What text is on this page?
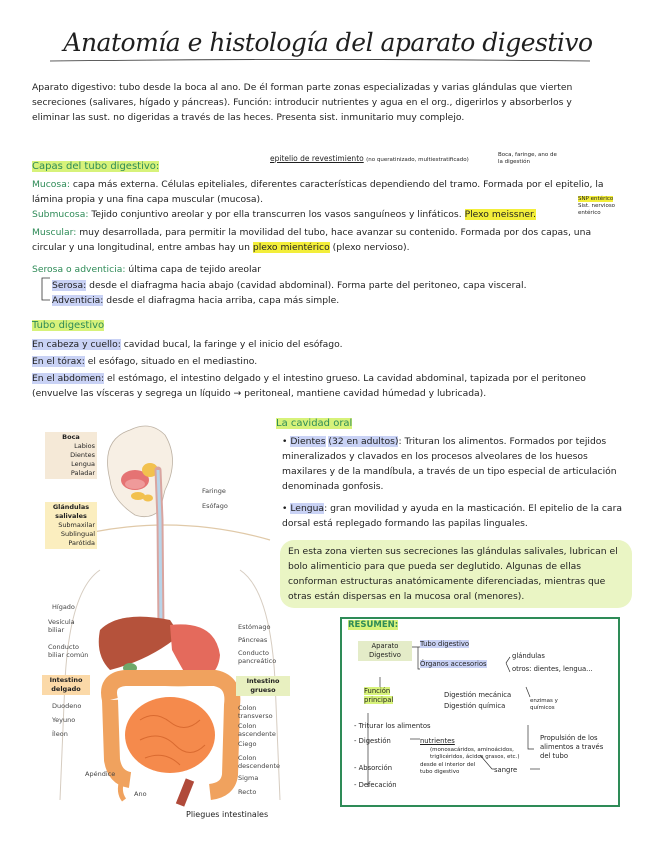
Anatomía e histología del aparato digestivo
Aparato digestivo: tubo desde la boca al ano. De él forman parte zonas especializadas y varias glándulas que vierten secreciones (salivares, hígado y páncreas). Función: introducir nutrientes y agua en el org., digerirlos y absorberlos y eliminar las sust. no digeridas a través de las heces. Presenta sist. inmunitario muy complejo.
Capas del tubo digestivo:
epitelio de revestimiento (no queratinizado, multiestratificado)
Boca, faringe, ano de la digestión
Mucosa: capa más externa. Células epiteliales, diferentes características dependiendo del tramo. Formada por el epitelio, la lámina propia y una fina capa muscular (mucosa).
Submucosa: Tejido conjuntivo areolar y por ella transcurren los vasos sanguíneos y linfáticos. Plexo meissner.
SNP entérico
Sist. nervioso entérico
Muscular: muy desarrollada, para permitir la movilidad del tubo, hace avanzar su contenido. Formada por dos capas, una circular y una longitudinal, entre ambas hay un plexo mientérico (plexo nervioso).
Serosa o adventicia: última capa de tejido areolar
Serosa: desde el diafragma hacia abajo (cavidad abdominal). Forma parte del peritoneo, capa visceral.
Adventicia: desde el diafragma hacia arriba, capa más simple.
Tubo digestivo
En cabeza y cuello: cavidad bucal, la faringe y el inicio del esófago.
En el tórax: el esófago, situado en el mediastino.
En el abdomen: el estómago, el intestino delgado y el intestino grueso. La cavidad abdominal, tapizada por el peritoneo (envuelve las vísceras y segrega un líquido → peritoneal, mantiene cavidad húmedad y lubricada).
Boca
Labios
Dientes
Lengua
Paladar
Glándulas salivales
Submaxilar
Sublingual
Parótida
Faringe
Esófago
Hígado
Vesícula biliar
Conducto biliar común
Estómago
Páncreas
Conducto pancreático
Intestino delgado
Duodeno
Yeyuno
Íleon
Intestino grueso
Colon transverso
Colon ascendente
Ciego
Colon descendente
Sigma
Recto
Apéndice
Ano
Pliegues intestinales
La cavidad oral
• Dientes (32 en adultos): Trituran los alimentos. Formados por tejidos mineralizados y clavados en los procesos alveolares de los huesos maxilares y de la mandíbula, a través de un tipo especial de articulación denominada gonfosis.
• Lengua: gran movilidad y ayuda en la masticación. El epitelio de la cara dorsal está replegado formando las papilas linguales.
En esta zona vierten sus secreciones las glándulas salivales, lubrican el bolo alimenticio para que pueda ser deglutido. Algunas de ellas conforman estructuras anatómicamente diferenciadas, mientras que otras están dispersas en la mucosa oral (menores).
RESUMEN:
Aparato Digestivo
Tubo digestivo
Órganos accesorios
glándulas
otros: dientes, lengua...
Función principal
Digestión mecánica
Digestión química
enzimas y químicos
- Triturar los alimentos
- Digestión	nutrientes
(monosacáridos, aminoácidos, triglicéridos, ácidos grasos, etc.)
- Absorción	desde el interior del tubo digestivo	sangre
- Defecación
Propulsión de los alimentos a través del tubo
